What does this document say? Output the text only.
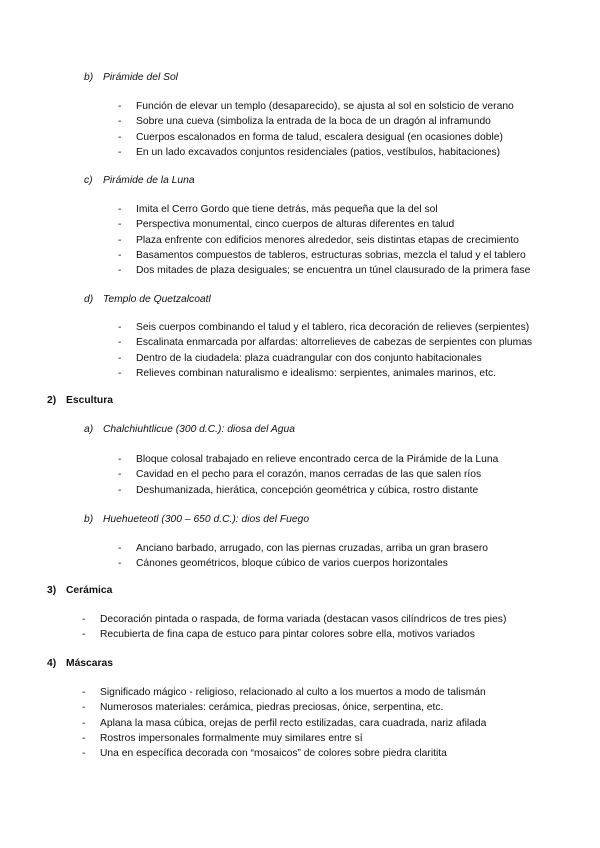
b) Pirámide del Sol
- Función de elevar un templo (desaparecido), se ajusta al sol en solsticio de verano
- Sobre una cueva (simboliza la entrada de la boca de un dragón al inframundo
- Cuerpos escalonados en forma de talud, escalera desigual (en ocasiones doble)
- En un lado excavados conjuntos residenciales (patios, vestíbulos, habitaciones)
c) Pirámide de la Luna
- Imita el Cerro Gordo que tiene detrás, más pequeña que la del sol
- Perspectiva monumental, cinco cuerpos de alturas diferentes en talud
- Plaza enfrente con edificios menores alrededor, seis distintas etapas de crecimiento
- Basamentos compuestos de tableros, estructuras sobrias, mezcla el talud y el tablero
- Dos mitades de plaza desiguales; se encuentra un túnel clausurado de la primera fase
d) Templo de Quetzalcoatl
- Seis cuerpos combinando el talud y el tablero, rica decoración de relieves (serpientes)
- Escalinata enmarcada por alfardas: altorrelieves de cabezas de serpientes con plumas
- Dentro de la ciudadela: plaza cuadrangular con dos conjunto habitacionales
- Relieves combinan naturalismo e idealismo: serpientes, animales marinos, etc.
2) Escultura
a) Chalchiuhtlicue (300 d.C.): diosa del Agua
- Bloque colosal trabajado en relieve encontrado cerca de la Pirámide de la Luna
- Cavidad en el pecho para el corazón, manos cerradas de las que salen ríos
- Deshumanizada, hierática, concepción geométrica y cúbica, rostro distante
b) Huehueteotl (300 – 650 d.C.): dios del Fuego
- Anciano barbado, arrugado, con las piernas cruzadas, arriba un gran brasero
- Cánones geométricos, bloque cúbico de varios cuerpos horizontales
3) Cerámica
- Decoración pintada o raspada, de forma variada (destacan vasos cilíndricos de tres pies)
- Recubierta de fina capa de estuco para pintar colores sobre ella, motivos variados
4) Máscaras
- Significado mágico - religioso, relacionado al culto a los muertos a modo de talismán
- Numerosos materiales: cerámica, piedras preciosas, ónice, serpentina, etc.
- Aplana la masa cúbica, orejas de perfil recto estilizadas, cara cuadrada, nariz afilada
- Rostros impersonales formalmente muy similares entre sí
- Una en específica decorada con “mosaicos” de colores sobre piedra claritita
